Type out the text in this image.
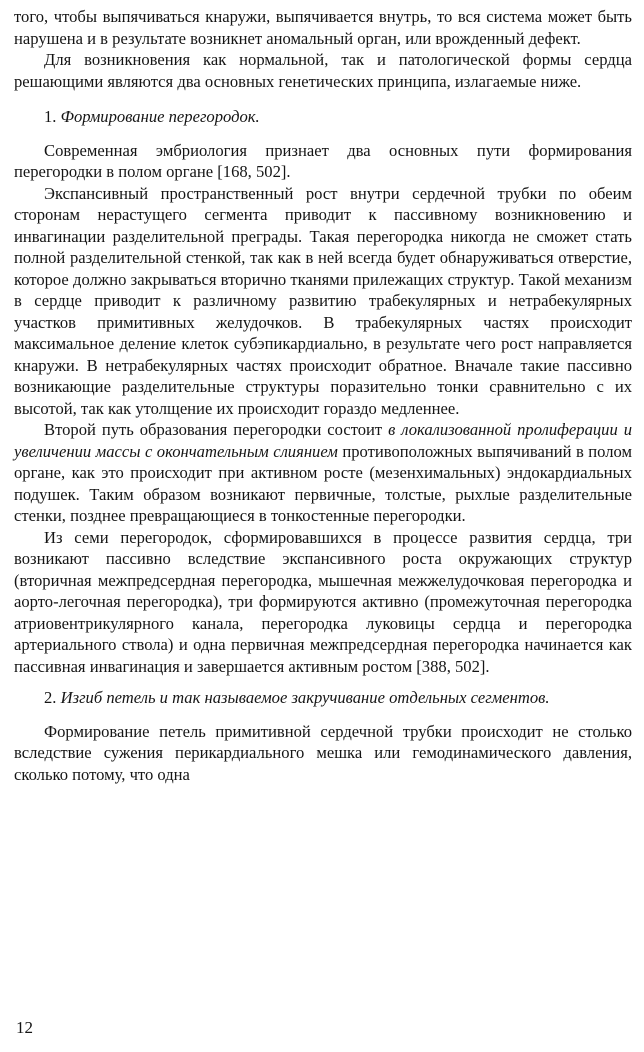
того, чтобы выпячиваться кнаружи, выпячивается внутрь, то вся система может быть нарушена и в результате возникнет аномальный орган, или врожденный дефект.

Для возникновения как нормальной, так и патологической формы сердца решающими являются два основных генетических принципа, излагаемые ниже.

1. Формирование перегородок.

Современная эмбриология признает два основных пути формирования перегородки в полом органе [168, 502].

Экспансивный пространственный рост внутри сердечной трубки по обеим сторонам нерастущего сегмента приводит к пассивному возникновению и инвагинации разделительной преграды. Такая перегородка никогда не сможет стать полной разделительной стенкой, так как в ней всегда будет обнаруживаться отверстие, которое должно закрываться вторично тканями прилежащих структур. Такой механизм в сердце приводит к различному развитию трабекулярных и нетрабекулярных участков примитивных желудочков. В трабекулярных частях происходит максимальное деление клеток субэпикардиально, в результате чего рост направляется кнаружи. В нетрабекулярных частях происходит обратное. Вначале такие пассивно возникающие разделительные структуры поразительно тонки сравнительно с их высотой, так как утолщение их происходит гораздо медленнее.

Второй путь образования перегородки состоит в локализованной пролиферации и увеличении массы с окончательным слиянием противоположных выпячиваний в полом органе, как это происходит при активном росте (мезенхимальных) эндокардиальных подушек. Таким образом возникают первичные, толстые, рыхлые разделительные стенки, позднее превращающиеся в тонкостенные перегородки.

Из семи перегородок, сформировавшихся в процессе развития сердца, три возникают пассивно вследствие экспансивного роста окружающих структур (вторичная межпредсердная перегородка, мышечная межжелудочковая перегородка и аорто-легочная перегородка), три формируются активно (промежуточная перегородка атриовентрикулярного канала, перегородка луковицы сердца и перегородка артериального ствола) и одна первичная межпредсердная перегородка начинается как пассивная инвагинация и завершается активным ростом [388, 502].

2. Изгиб петель и так называемое закручивание отдельных сегментов.

Формирование петель примитивной сердечной трубки происходит не столько вследствие сужения перикардиального мешка или гемодинамического давления, сколько потому, что одна

12
